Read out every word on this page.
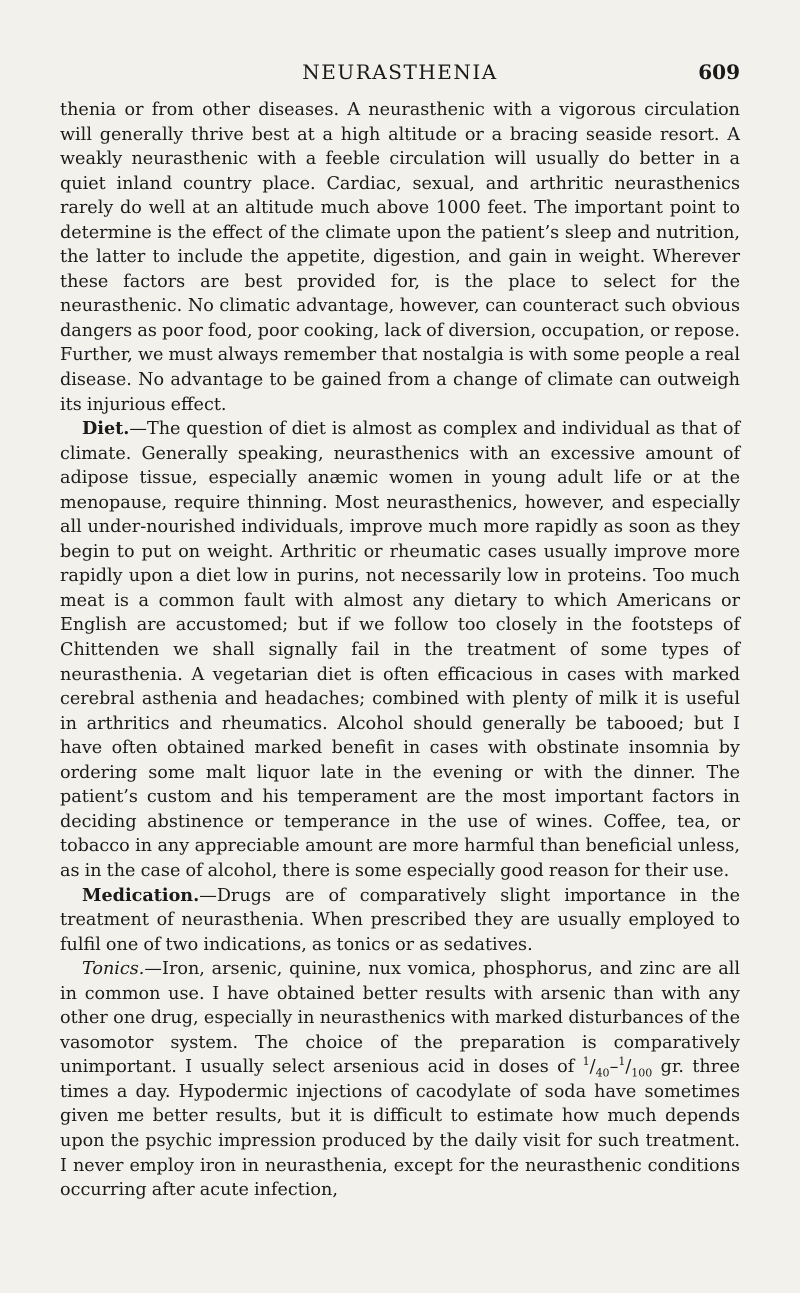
NEURASTHENIA	609

thenia or from other diseases. A neurasthenic with a vigorous circulation will generally thrive best at a high altitude or a bracing seaside resort. A weakly neurasthenic with a feeble circulation will usually do better in a quiet inland country place. Cardiac, sexual, and arthritic neurasthenics rarely do well at an altitude much above 1000 feet. The important point to determine is the effect of the climate upon the patient’s sleep and nutrition, the latter to include the appetite, digestion, and gain in weight. Wherever these factors are best provided for, is the place to select for the neurasthenic. No climatic advantage, however, can counteract such obvious dangers as poor food, poor cooking, lack of diversion, occupation, or repose. Further, we must always remember that nostalgia is with some people a real disease. No advantage to be gained from a change of climate can outweigh its injurious effect.

Diet.—The question of diet is almost as complex and individual as that of climate. Generally speaking, neurasthenics with an excessive amount of adipose tissue, especially anæmic women in young adult life or at the menopause, require thinning. Most neurasthenics, however, and especially all under-nourished individuals, improve much more rapidly as soon as they begin to put on weight. Arthritic or rheumatic cases usually improve more rapidly upon a diet low in purins, not necessarily low in proteins. Too much meat is a common fault with almost any dietary to which Americans or English are accustomed; but if we follow too closely in the footsteps of Chittenden we shall signally fail in the treatment of some types of neurasthenia. A vegetarian diet is often efficacious in cases with marked cerebral asthenia and headaches; combined with plenty of milk it is useful in arthritics and rheumatics. Alcohol should generally be tabooed; but I have often obtained marked benefit in cases with obstinate insomnia by ordering some malt liquor late in the evening or with the dinner. The patient’s custom and his temperament are the most important factors in deciding abstinence or temperance in the use of wines. Coffee, tea, or tobacco in any appreciable amount are more harmful than beneficial unless, as in the case of alcohol, there is some especially good reason for their use.

Medication.—Drugs are of comparatively slight importance in the treatment of neurasthenia. When prescribed they are usually employed to fulfil one of two indications, as tonics or as sedatives.

Tonics.—Iron, arsenic, quinine, nux vomica, phosphorus, and zinc are all in common use. I have obtained better results with arsenic than with any other one drug, especially in neurasthenics with marked disturbances of the vasomotor system. The choice of the preparation is comparatively unimportant. I usually select arsenious acid in doses of $^1/_{40}-^1/_{100}$ gr. three times a day. Hypodermic injections of cacodylate of soda have sometimes given me better results, but it is difficult to estimate how much depends upon the psychic impression produced by the daily visit for such treatment. I never employ iron in neurasthenia, except for the neurasthenic conditions occurring after acute infection,
